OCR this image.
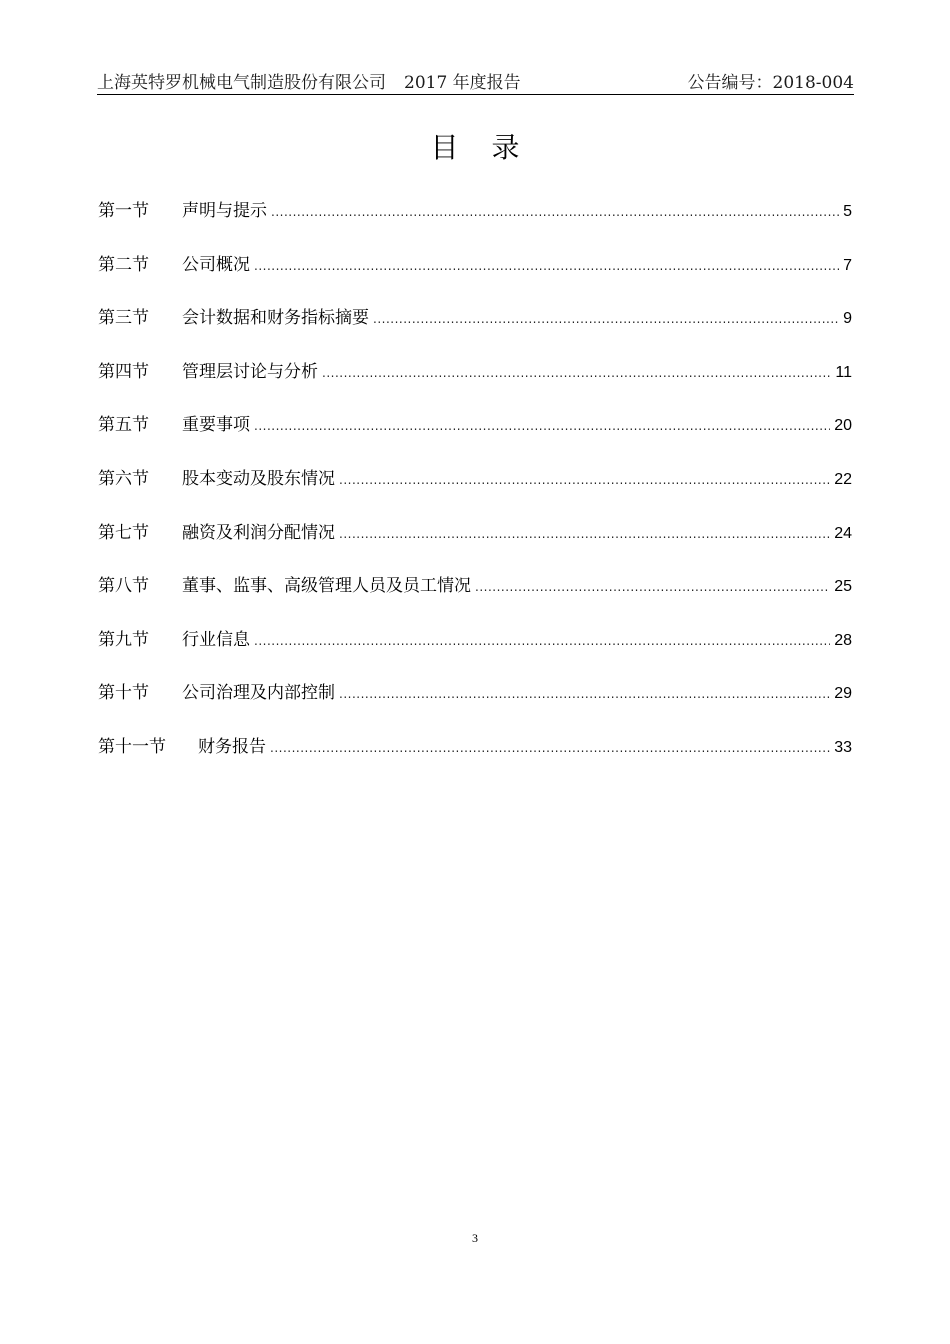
上海英特罗机械电气制造股份有限公司 2017 年度报告	公告编号：2018-004
目 录
第一节	声明与提示 .....	5
第二节	公司概况 .....	7
第三节	会计数据和财务指标摘要 .....	9
第四节	管理层讨论与分析 .....	11
第五节	重要事项 .....	20
第六节	股本变动及股东情况 .....	22
第七节	融资及利润分配情况 .....	24
第八节	董事、监事、高级管理人员及员工情况 .....	25
第九节	行业信息 .....	28
第十节	公司治理及内部控制 .....	29
第十一节	财务报告 .....	33
3
